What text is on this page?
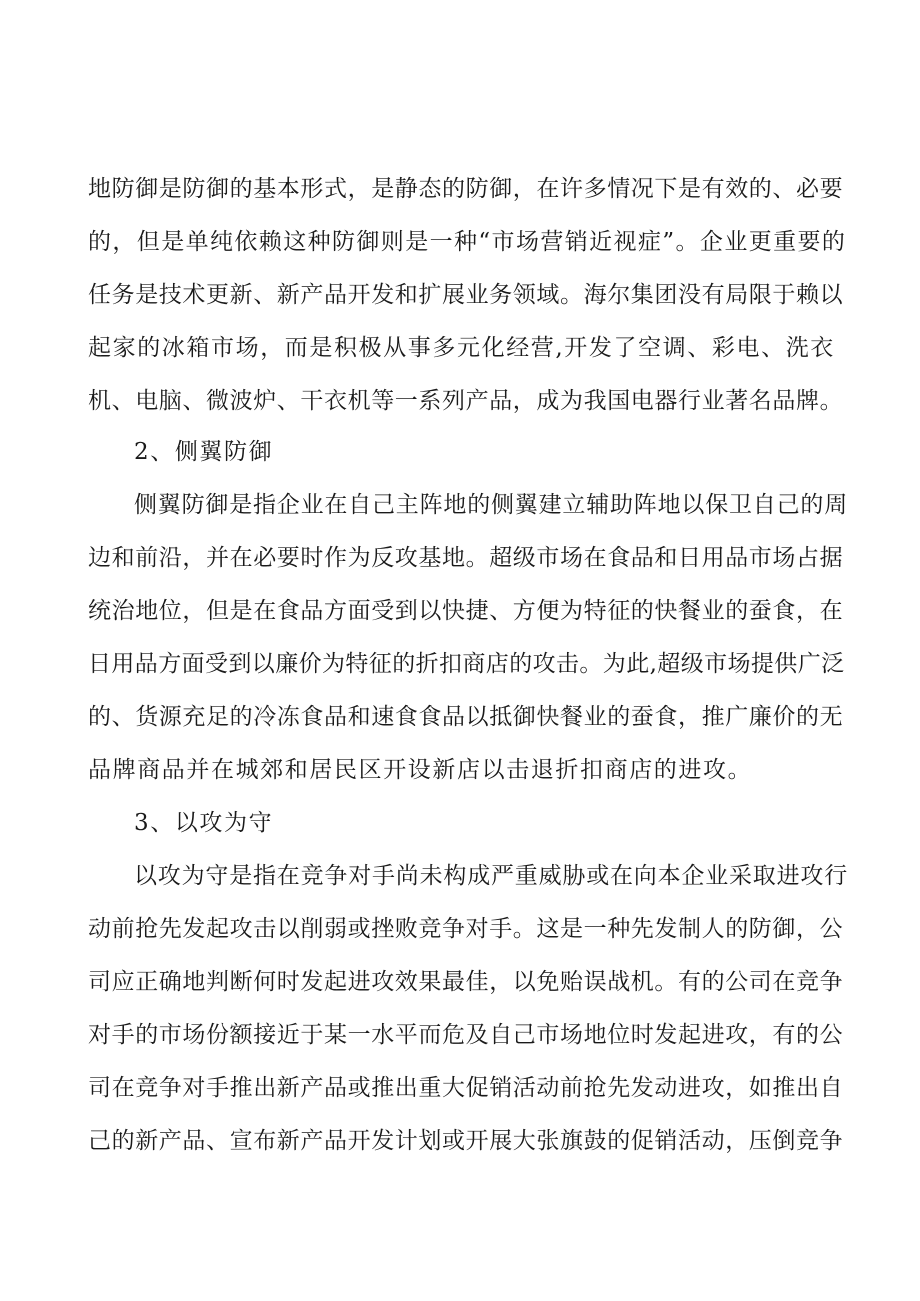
地防御是防御的基本形式，是静态的防御，在许多情况下是有效的、必要
的，但是单纯依赖这种防御则是一种“市场营销近视症”。企业更重要的
任务是技术更新、新产品开发和扩展业务领域。海尔集团没有局限于赖以
起家的冰箱市场，而是积极从事多元化经营,开发了空调、彩电、洗衣
机、电脑、微波炉、干衣机等一系列产品，成为我国电器行业著名品牌。
2、侧翼防御
侧翼防御是指企业在自己主阵地的侧翼建立辅助阵地以保卫自己的周
边和前沿，并在必要时作为反攻基地。超级市场在食品和日用品市场占据
统治地位，但是在食品方面受到以快捷、方便为特征的快餐业的蚕食，在
日用品方面受到以廉价为特征的折扣商店的攻击。为此,超级市场提供广泛
的、货源充足的冷冻食品和速食食品以抵御快餐业的蚕食，推广廉价的无
品牌商品并在城郊和居民区开设新店以击退折扣商店的进攻。
3、以攻为守
以攻为守是指在竞争对手尚未构成严重威胁或在向本企业采取进攻行
动前抢先发起攻击以削弱或挫败竞争对手。这是一种先发制人的防御，公
司应正确地判断何时发起进攻效果最佳，以免贻误战机。有的公司在竞争
对手的市场份额接近于某一水平而危及自己市场地位时发起进攻，有的公
司在竞争对手推出新产品或推出重大促销活动前抢先发动进攻，如推出自
己的新产品、宣布新产品开发计划或开展大张旗鼓的促销活动，压倒竞争
